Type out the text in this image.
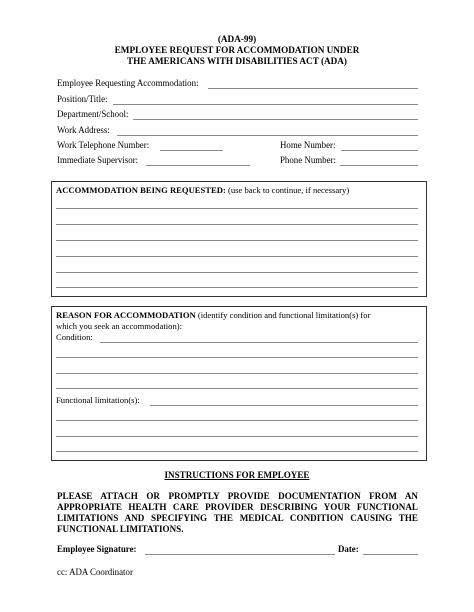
(ADA-99)
EMPLOYEE REQUEST FOR ACCOMMODATION UNDER
THE AMERICANS WITH DISABILITIES ACT (ADA)
Employee Requesting Accommodation:
Position/Title:
Department/School:
Work Address:
Work Telephone Number:	Home Number:
Immediate Supervisor:	Phone Number:
ACCOMMODATION BEING REQUESTED: (use back to continue, if necessary)
REASON FOR ACCOMMODATION (identify condition and functional limitation(s) for
which you seek an accommodation):
Condition:
Functional limitation(s):
INSTRUCTIONS FOR EMPLOYEE
PLEASE ATTACH OR PROMPTLY PROVIDE DOCUMENTATION FROM AN
APPROPRIATE HEALTH CARE PROVIDER DESCRIBING YOUR FUNCTIONAL
LIMITATIONS AND SPECIFYING THE MEDICAL CONDITION CAUSING THE
FUNCTIONAL LIMITATIONS.
Employee Signature:	Date:
cc: ADA Coordinator
